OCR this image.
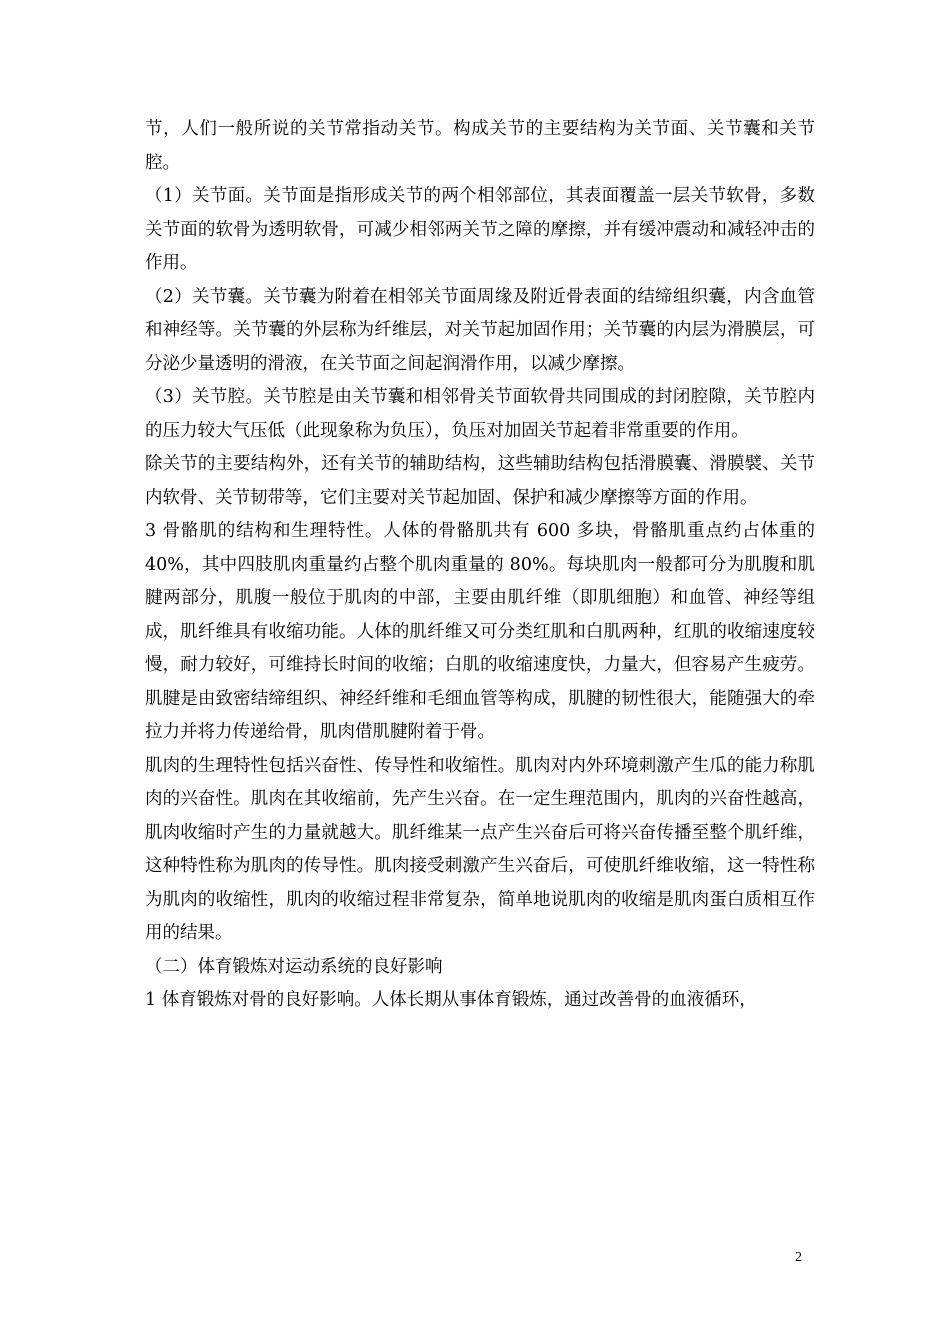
节，人们一般所说的关节常指动关节。构成关节的主要结构为关节面、关节囊和关节腔。

（1）关节面。关节面是指形成关节的两个相邻部位，其表面覆盖一层关节软骨，多数关节面的软骨为透明软骨，可减少相邻两关节之障的摩擦，并有缓冲震动和减轻冲击的作用。

（2）关节囊。关节囊为附着在相邻关节面周缘及附近骨表面的结缔组织囊，内含血管和神经等。关节囊的外层称为纤维层，对关节起加固作用；关节囊的内层为滑膜层，可分泌少量透明的滑液，在关节面之间起润滑作用，以减少摩擦。

（3）关节腔。关节腔是由关节囊和相邻骨关节面软骨共同围成的封闭腔隙，关节腔内的压力较大气压低（此现象称为负压），负压对加固关节起着非常重要的作用。

除关节的主要结构外，还有关节的辅助结构，这些辅助结构包括滑膜囊、滑膜襞、关节内软骨、关节韧带等，它们主要对关节起加固、保护和减少摩擦等方面的作用。

3 骨骼肌的结构和生理特性。人体的骨骼肌共有 600 多块，骨骼肌重点约占体重的 40%，其中四肢肌肉重量约占整个肌肉重量的 80%。每块肌肉一般都可分为肌腹和肌腱两部分，肌腹一般位于肌肉的中部，主要由肌纤维（即肌细胞）和血管、神经等组成，肌纤维具有收缩功能。人体的肌纤维又可分类红肌和白肌两种，红肌的收缩速度较慢，耐力较好，可维持长时间的收缩；白肌的收缩速度快，力量大，但容易产生疲劳。肌腱是由致密结缔组织、神经纤维和毛细血管等构成，肌腱的韧性很大，能随强大的牵拉力并将力传递给骨，肌肉借肌腱附着于骨。

肌肉的生理特性包括兴奋性、传导性和收缩性。肌肉对内外环境刺激产生瓜的能力称肌肉的兴奋性。肌肉在其收缩前，先产生兴奋。在一定生理范围内，肌肉的兴奋性越高，肌肉收缩时产生的力量就越大。肌纤维某一点产生兴奋后可将兴奋传播至整个肌纤维，这种特性称为肌肉的传导性。肌肉接受刺激产生兴奋后，可使肌纤维收缩，这一特性称为肌肉的收缩性，肌肉的收缩过程非常复杂，简单地说肌肉的收缩是肌肉蛋白质相互作用的结果。

（二）体育锻炼对运动系统的良好影响

1 体育锻炼对骨的良好影响。人体长期从事体育锻炼，通过改善骨的血液循环，

2
